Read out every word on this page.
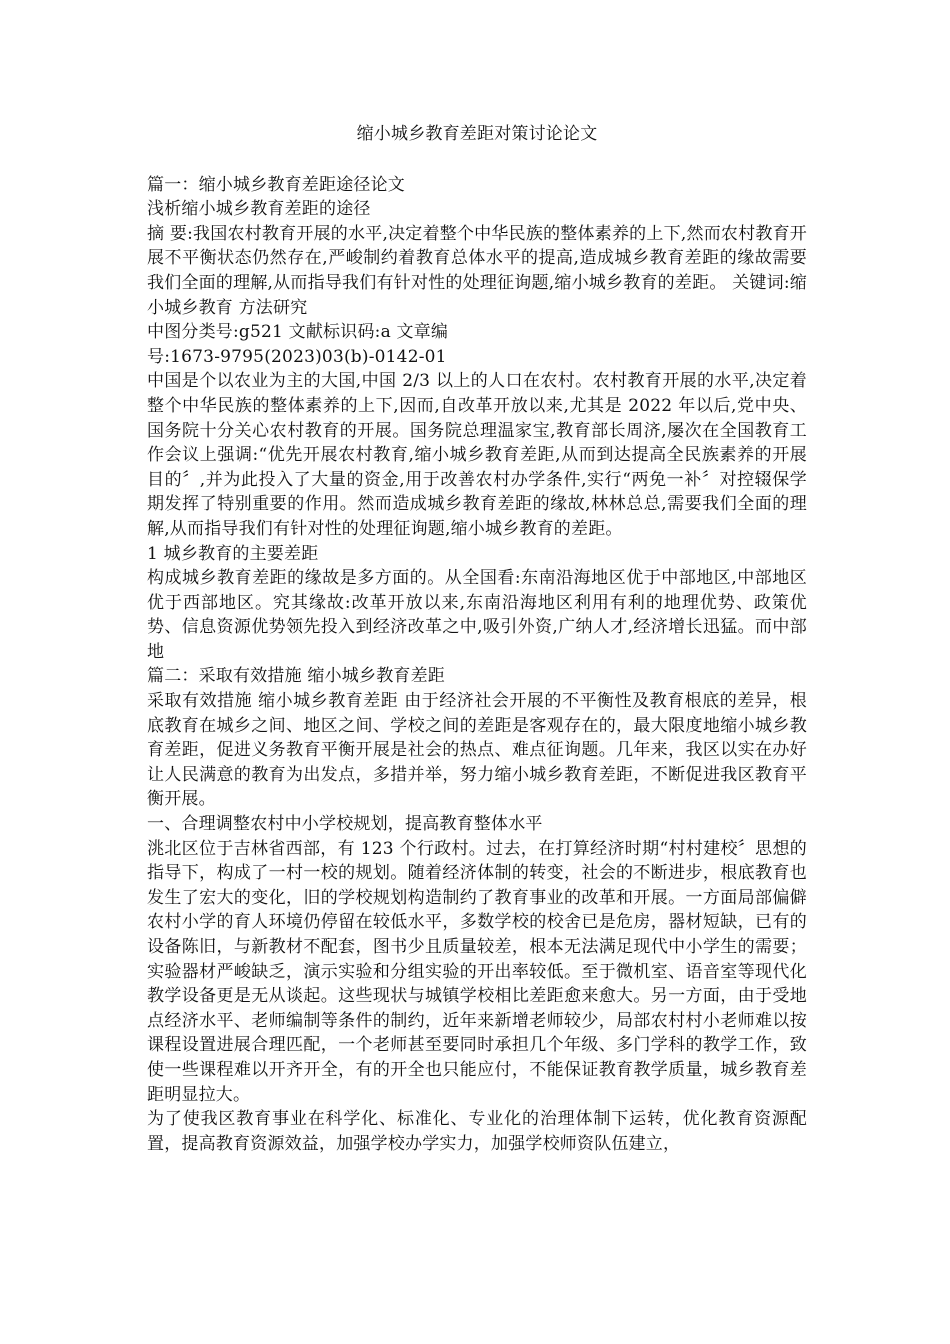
缩小城乡教育差距对策讨论论文

篇一：缩小城乡教育差距途径论文

浅析缩小城乡教育差距的途径

摘 要:我国农村教育开展的水平,决定着整个中华民族的整体素养的上下,然而农村教育开展不平衡状态仍然存在,严峻制约着教育总体水平的提高,造成城乡教育差距的缘故需要我们全面的理解,从而指导我们有针对性的处理征询题,缩小城乡教育的差距。 关键词:缩小城乡教育 方法研究

中图分类号:g521 文献标识码:a 文章编

号:1673-9795(2023)03(b)-0142-01

中国是个以农业为主的大国,中国 2/3 以上的人口在农村。农村教育开展的水平,决定着整个中华民族的整体素养的上下,因而,自改革开放以来,尤其是 2022 年以后,党中央、国务院十分关心农村教育的开展。国务院总理温家宝,教育部长周济,屡次在全国教育工作会议上强调:“优先开展农村教育,缩小城乡教育差距,从而到达提高全民族素养的开展目的〞,并为此投入了大量的资金,用于改善农村办学条件,实行“两免一补〞对控辍保学期发挥了特别重要的作用。然而造成城乡教育差距的缘故,林林总总,需要我们全面的理解,从而指导我们有针对性的处理征询题,缩小城乡教育的差距。

1 城乡教育的主要差距

构成城乡教育差距的缘故是多方面的。从全国看:东南沿海地区优于中部地区,中部地区优于西部地区。究其缘故:改革开放以来,东南沿海地区利用有利的地理优势、政策优势、信息资源优势领先投入到经济改革之中,吸引外资,广纳人才,经济增长迅猛。而中部地

篇二：采取有效措施 缩小城乡教育差距

采取有效措施 缩小城乡教育差距 由于经济社会开展的不平衡性及教育根底的差异，根底教育在城乡之间、地区之间、学校之间的差距是客观存在的，最大限度地缩小城乡教育差距，促进义务教育平衡开展是社会的热点、难点征询题。几年来，我区以实在办好让人民满意的教育为出发点，多措并举，努力缩小城乡教育差距，不断促进我区教育平衡开展。

一、合理调整农村中小学校规划，提高教育整体水平

洮北区位于吉林省西部，有 123 个行政村。过去，在打算经济时期“村村建校〞思想的指导下，构成了一村一校的规划。随着经济体制的转变，社会的不断进步，根底教育也发生了宏大的变化，旧的学校规划构造制约了教育事业的改革和开展。一方面局部偏僻农村小学的育人环境仍停留在较低水平，多数学校的校舍已是危房，器材短缺，已有的设备陈旧，与新教材不配套，图书少且质量较差，根本无法满足现代中小学生的需要；实验器材严峻缺乏，演示实验和分组实验的开出率较低。至于微机室、语音室等现代化教学设备更是无从谈起。这些现状与城镇学校相比差距愈来愈大。另一方面，由于受地点经济水平、老师编制等条件的制约，近年来新增老师较少，局部农村村小老师难以按课程设置进展合理匹配，一个老师甚至要同时承担几个年级、多门学科的教学工作，致使一些课程难以开齐开全，有的开全也只能应付，不能保证教育教学质量，城乡教育差距明显拉大。

为了使我区教育事业在科学化、标准化、专业化的治理体制下运转，优化教育资源配置，提高教育资源效益，加强学校办学实力，加强学校师资队伍建立，
